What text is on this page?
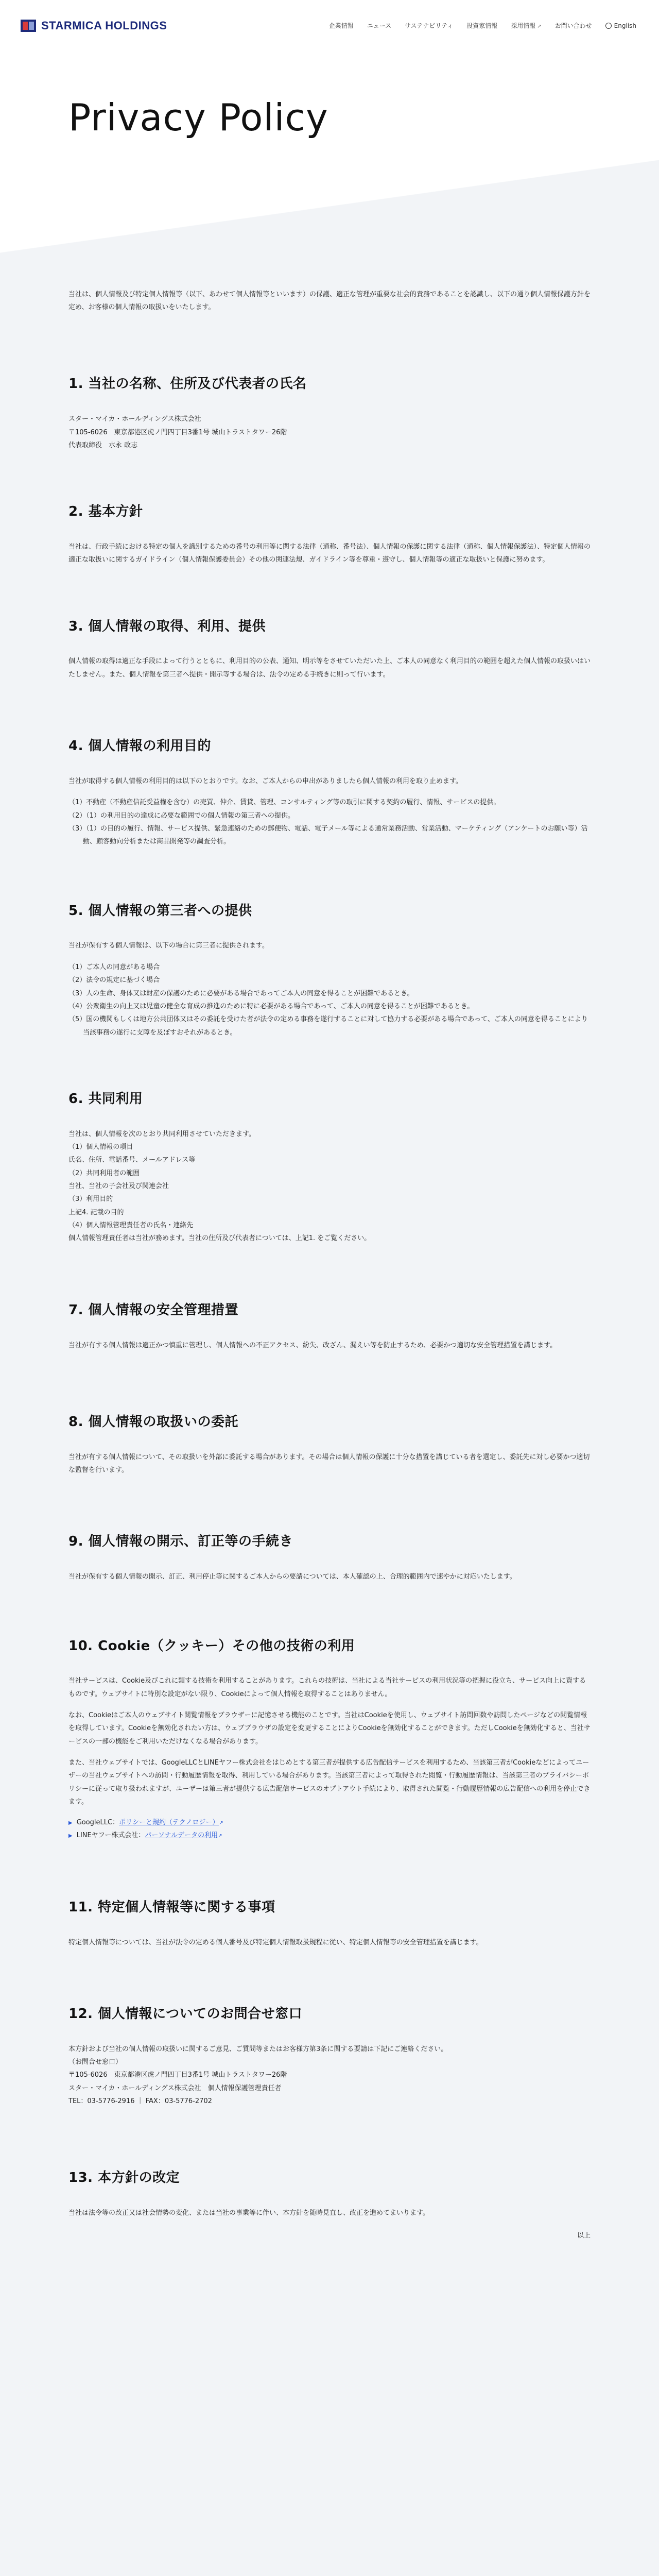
STARMICA HOLDINGS	企業情報 ニュース サステナビリティ 投資家情報 採用情報 ↗ お問い合わせ	English
Privacy Policy

当社は、個人情報及び特定個人情報等（以下、あわせて個人情報等といいます）の保護、適正な管理が重要な社会的責務であることを認識し、以下の通り個人情報保護方針を定め、お客様の個人情報の取扱いをいたします。

1. 当社の名称、住所及び代表者の氏名

スター・マイカ・ホールディングス株式会社

〒105-6026　東京都港区虎ノ門四丁目3番1号 城山トラストタワー26階

代表取締役　水永 政志

2. 基本方針

当社は、行政手続における特定の個人を識別するための番号の利用等に関する法律（通称、番号法）、個人情報の保護に関する法律（通称、個人情報保護法）、特定個人情報の適正な取扱いに関するガイドライン（個人情報保護委員会）その他の関連法規、ガイドライン等を尊重・遵守し、個人情報等の適正な取扱いと保護に努めます。

3. 個人情報の取得、利用、提供

個人情報の取得は適正な手段によって行うとともに、利用目的の公表、通知、明示等をさせていただいた上、ご本人の同意なく利用目的の範囲を超えた個人情報の取扱いはいたしません。また、個人情報を第三者へ提供・開示等する場合は、法令の定める手続きに則って行います。

4. 個人情報の利用目的

当社が取得する個人情報の利用目的は以下のとおりです。なお、ご本人からの申出がありましたら個人情報の利用を取り止めます。

（1）不動産（不動産信託受益権を含む）の売買、仲介、賃貸、管理、コンサルティング等の取引に関する契約の履行、情報、サービスの提供。
（2）（1）の利用目的の達成に必要な範囲での個人情報の第三者への提供。
（3）（1）の目的の履行、情報、サービス提供、緊急連絡のための郵便物、電話、電子メール等による通常業務活動、営業活動、マーケティング（アンケートのお願い等）活動、顧客動向分析または商品開発等の調査分析。
5. 個人情報の第三者への提供

当社が保有する個人情報は、以下の場合に第三者に提供されます。

（1）ご本人の同意がある場合
（2）法令の規定に基づく場合
（3）人の生命、身体又は財産の保護のために必要がある場合であってご本人の同意を得ることが困難であるとき。
（4）公衆衛生の向上又は児童の健全な育成の推進のために特に必要がある場合であって、ご本人の同意を得ることが困難であるとき。
（5）国の機関もしくは地方公共団体又はその委託を受けた者が法令の定める事務を遂行することに対して協力する必要がある場合であって、ご本人の同意を得ることにより当該事務の遂行に支障を及ぼすおそれがあるとき。
6. 共同利用

当社は、個人情報を次のとおり共同利用させていただきます。

（1）個人情報の項目

氏名、住所、電話番号、メールアドレス等

（2）共同利用者の範囲

当社、当社の子会社及び関連会社

（3）利用目的

上記4. 記載の目的

（4）個人情報管理責任者の氏名・連絡先

個人情報管理責任者は当社が務めます。当社の住所及び代表者については、上記1. をご覧ください。

7. 個人情報の安全管理措置

当社が有する個人情報は適正かつ慎重に管理し、個人情報への不正アクセス、紛失、改ざん、漏えい等を防止するため、必要かつ適切な安全管理措置を講じます。

8. 個人情報の取扱いの委託

当社が有する個人情報について、その取扱いを外部に委託する場合があります。その場合は個人情報の保護に十分な措置を講じている者を選定し、委託先に対し必要かつ適切な監督を行います。

9. 個人情報の開示、訂正等の手続き

当社が保有する個人情報の開示、訂正、利用停止等に関するご本人からの要請については、本人確認の上、合理的範囲内で速やかに対応いたします。

10. Cookie（クッキー）その他の技術の利用

当社サービスは、Cookie及びこれに類する技術を利用することがあります。これらの技術は、当社による当社サービスの利用状況等の把握に役立ち、サービス向上に資するものです。ウェブサイトに特別な設定がない限り、Cookieによって個人情報を取得することはありません。

なお、Cookieはご本人のウェブサイト閲覧情報をブラウザーに記憶させる機能のことです。当社はCookieを使用し、ウェブサイト訪問回数や訪問したページなどの閲覧情報を取得しています。Cookieを無効化されたい方は、ウェブブラウザの設定を変更することによりCookieを無効化することができます。ただしCookieを無効化すると、当社サービスの一部の機能をご利用いただけなくなる場合があります。

また、当社ウェブサイトでは、GoogleLLCとLINEヤフー株式会社をはじめとする第三者が提供する広告配信サービスを利用するため、当該第三者がCookieなどによってユーザーの当社ウェブサイトへの訪問・行動履歴情報を取得、利用している場合があります。当該第三者によって取得された閲覧・行動履歴情報は、当該第三者のプライバシーポリシーに従って取り扱われますが、ユーザーは第三者が提供する広告配信サービスのオプトアウト手続により、取得された閲覧・行動履歴情報の広告配信への利用を停止できます。

▶ GoogleLLC：ポリシーと規約（テクノロジー）↗
▶ LINEヤフー株式会社：パーソナルデータの利用↗
11. 特定個人情報等に関する事項

特定個人情報等については、当社が法令の定める個人番号及び特定個人情報取扱規程に従い、特定個人情報等の安全管理措置を講じます。

12. 個人情報についてのお問合せ窓口

本方針および当社の個人情報の取扱いに関するご意見、ご質問等またはお客様方第3条に関する要請は下記にご連絡ください。

（お問合せ窓口）

〒105-6026　東京都港区虎ノ門四丁目3番1号 城山トラストタワー26階

スター・マイカ・ホールディングス株式会社　個人情報保護管理責任者

TEL：03-5776-2916 ｜ FAX：03-5776-2702

13. 本方針の改定

当社は法令等の改正又は社会情勢の変化、または当社の事業等に伴い、本方針を随時見直し、改正を進めてまいります。

以上
